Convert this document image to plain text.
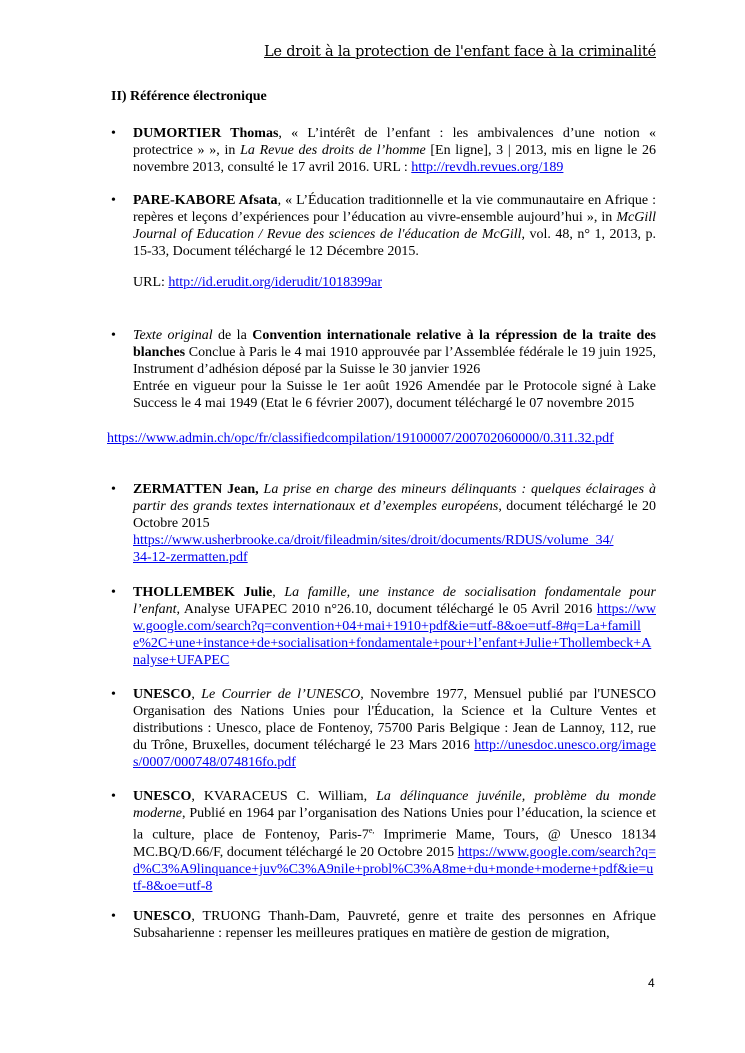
Le droit à la protection de l'enfant face à la criminalité
II) Référence électronique
• DUMORTIER Thomas, « L’intérêt de l’enfant : les ambivalences d’une notion « protectrice » », in La Revue des droits de l’homme [En ligne], 3 | 2013, mis en ligne le 26 novembre 2013, consulté le 17 avril 2016. URL : http://revdh.revues.org/189
• PARE-KABORE Afsata, « L’Éducation traditionnelle et la vie communautaire en Afrique : repères et leçons d’expériences pour l’éducation au vivre-ensemble aujourd’hui », in McGill Journal of Education / Revue des sciences de l'éducation de McGill, vol. 48, n° 1, 2013, p. 15-33, Document téléchargé le 12 Décembre 2015.
URL: http://id.erudit.org/iderudit/1018399ar
• Texte original de la Convention internationale relative à la répression de la traite des blanches Conclue à Paris le 4 mai 1910 approuvée par l’Assemblée fédérale le 19 juin 1925, Instrument d’adhésion déposé par la Suisse le 30 janvier 1926
Entrée en vigueur pour la Suisse le 1er août 1926 Amendée par le Protocole signé à Lake Success le 4 mai 1949 (Etat le 6 février 2007), document téléchargé le 07 novembre 2015
https://www.admin.ch/opc/fr/classifiedcompilation/19100007/200702060000/0.311.32.pdf
• ZERMATTEN Jean, La prise en charge des mineurs délinquants : quelques éclairages à partir des grands textes internationaux et d’exemples européens, document téléchargé le 20 Octobre 2015
https://www.usherbrooke.ca/droit/fileadmin/sites/droit/documents/RDUS/volume_34/
34-12-zermatten.pdf
• THOLLEMBEK Julie, La famille, une instance de socialisation fondamentale pour l’enfant, Analyse UFAPEC 2010 n°26.10, document téléchargé le 05 Avril 2016 https://www.google.com/search?q=convention+04+mai+1910+pdf&ie=utf-8&oe=utf-8#q=La+famille%2C+une+instance+de+socialisation+fondamentale+pour+l’enfant+Julie+Thollembeck+Analyse+UFAPEC
• UNESCO, Le Courrier de l’UNESCO, Novembre 1977, Mensuel publié par l'UNESCO Organisation des Nations Unies pour l'Éducation, la Science et la Culture Ventes et distributions : Unesco, place de Fontenoy, 75700 Paris Belgique : Jean de Lannoy, 112, rue du Trône, Bruxelles, document téléchargé le 23 Mars 2016 http://unesdoc.unesco.org/images/0007/000748/074816fo.pdf
• UNESCO, KVARACEUS C. William, La délinquance juvénile, problème du monde moderne, Publié en 1964 par l’organisation des Nations Unies pour l’éducation, la science et la culture, place de Fontenoy, Paris-$7^{e,}$ Imprimerie Mame, Tours, @ Unesco 18134 MC.BQ/D.66/F, document téléchargé le 20 Octobre 2015 https://www.google.com/search?q=d%C3%A9linquance+juv%C3%A9nile+probl%C3%A8me+du+monde+moderne+pdf&ie=utf-8&oe=utf-8
• UNESCO, TRUONG Thanh-Dam, Pauvreté, genre et traite des personnes en Afrique Subsaharienne : repenser les meilleures pratiques en matière de gestion de migration,
4
